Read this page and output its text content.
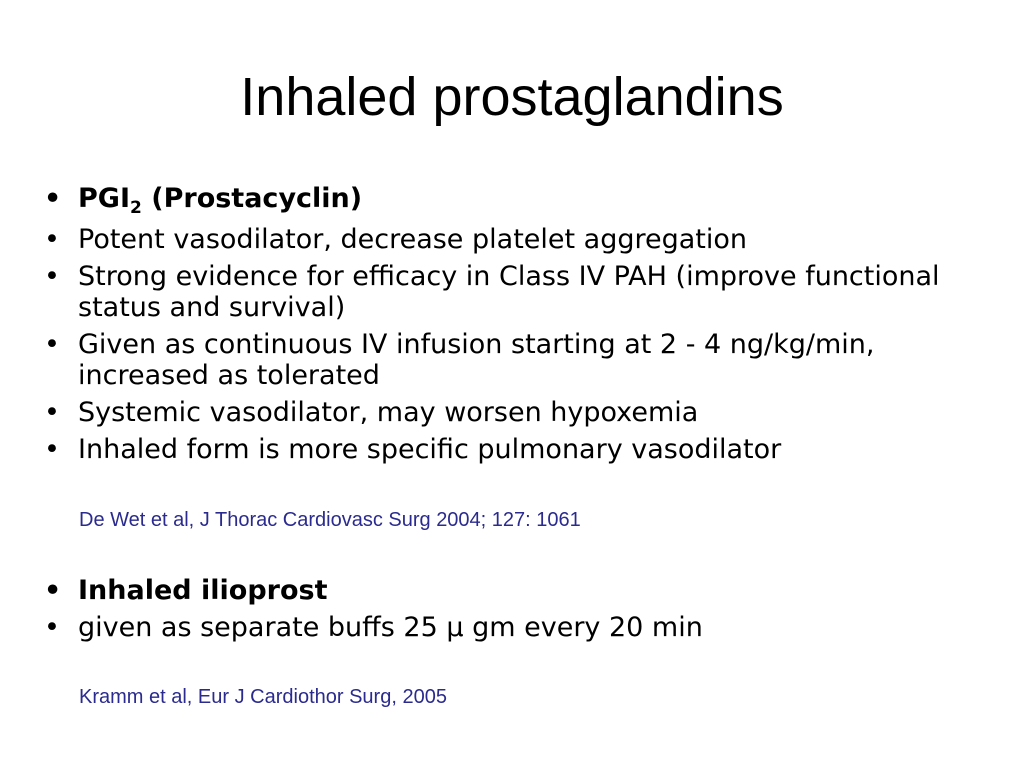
Inhaled prostaglandins
• $PGI_2$ (Prostacyclin)
• Potent vasodilator, decrease platelet aggregation
• Strong evidence for efficacy in Class IV PAH (improve functional status and survival)
• Given as continuous IV infusion starting at 2 - 4 ng/kg/min, increased as tolerated
• Systemic vasodilator, may worsen hypoxemia
• Inhaled form is more specific pulmonary vasodilator
De Wet et al, J Thorac Cardiovasc Surg 2004; 127: 1061
• Inhaled ilioprost
• given as separate buffs 25 µ gm every 20 min
Kramm et al, Eur J Cardiothor Surg, 2005
